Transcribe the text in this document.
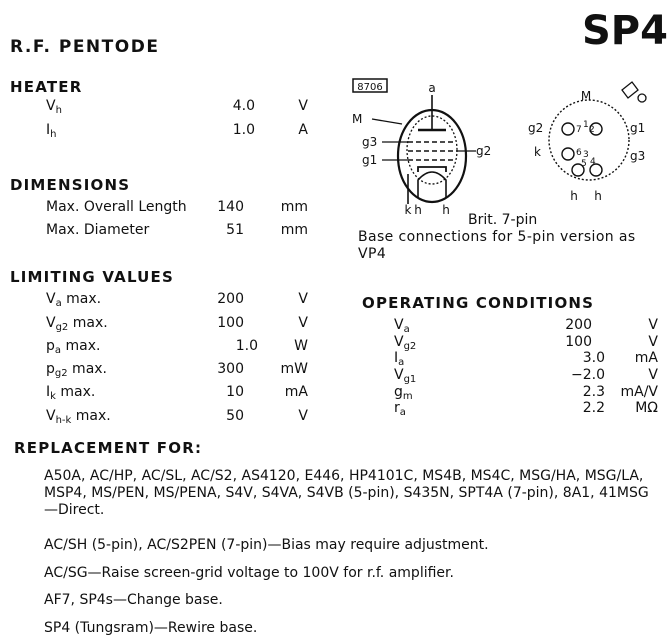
SP4
R.F. PENTODE
HEATER
$V_h$	4.0	V
$I_h$	1.0	A
DIMENSIONS
Max. Overall Length	140	mm
Max. Diameter	51	mm
LIMITING VALUES
$V_a$ max.	200	V
$V_{g2}$ max.	100	V
$p_a$ max.	1.0	W
$p_{g2}$ max.	300	mW
$I_k$ max.	10	mA
$V_{h-k}$ max.	50	V
8706	a
M
g3
g1
g2
k h h
M
g2
k
g1
g3
h h
7 1 2
6 3
5 4
Brit. 7-pin
Base connections for 5-pin version as VP4
OPERATING CONDITIONS
$V_a$	200	V
$V_{g2}$	100	V
$I_a$	3.0	mA
$V_{g1}$	−2.0	V
$g_m$	2.3	mA/V
$r_a$	2.2	MΩ
REPLACEMENT FOR:
A50A, AC/HP, AC/SL, AC/S2, AS4120, E446, HP4101C, MS4B, MS4C, MSG/HA, MSG/LA, MSP4, MS/PEN, MS/PENA, S4V, S4VA, S4VB (5-pin), S435N, SPT4A (7-pin), 8A1, 41MSG—Direct.
AC/SH (5-pin), AC/S2PEN (7-pin)—Bias may require adjustment.
AC/SG—Raise screen-grid voltage to 100V for r.f. amplifier.
AF7, SP4s—Change base.
SP4 (Tungsram)—Rewire base.
